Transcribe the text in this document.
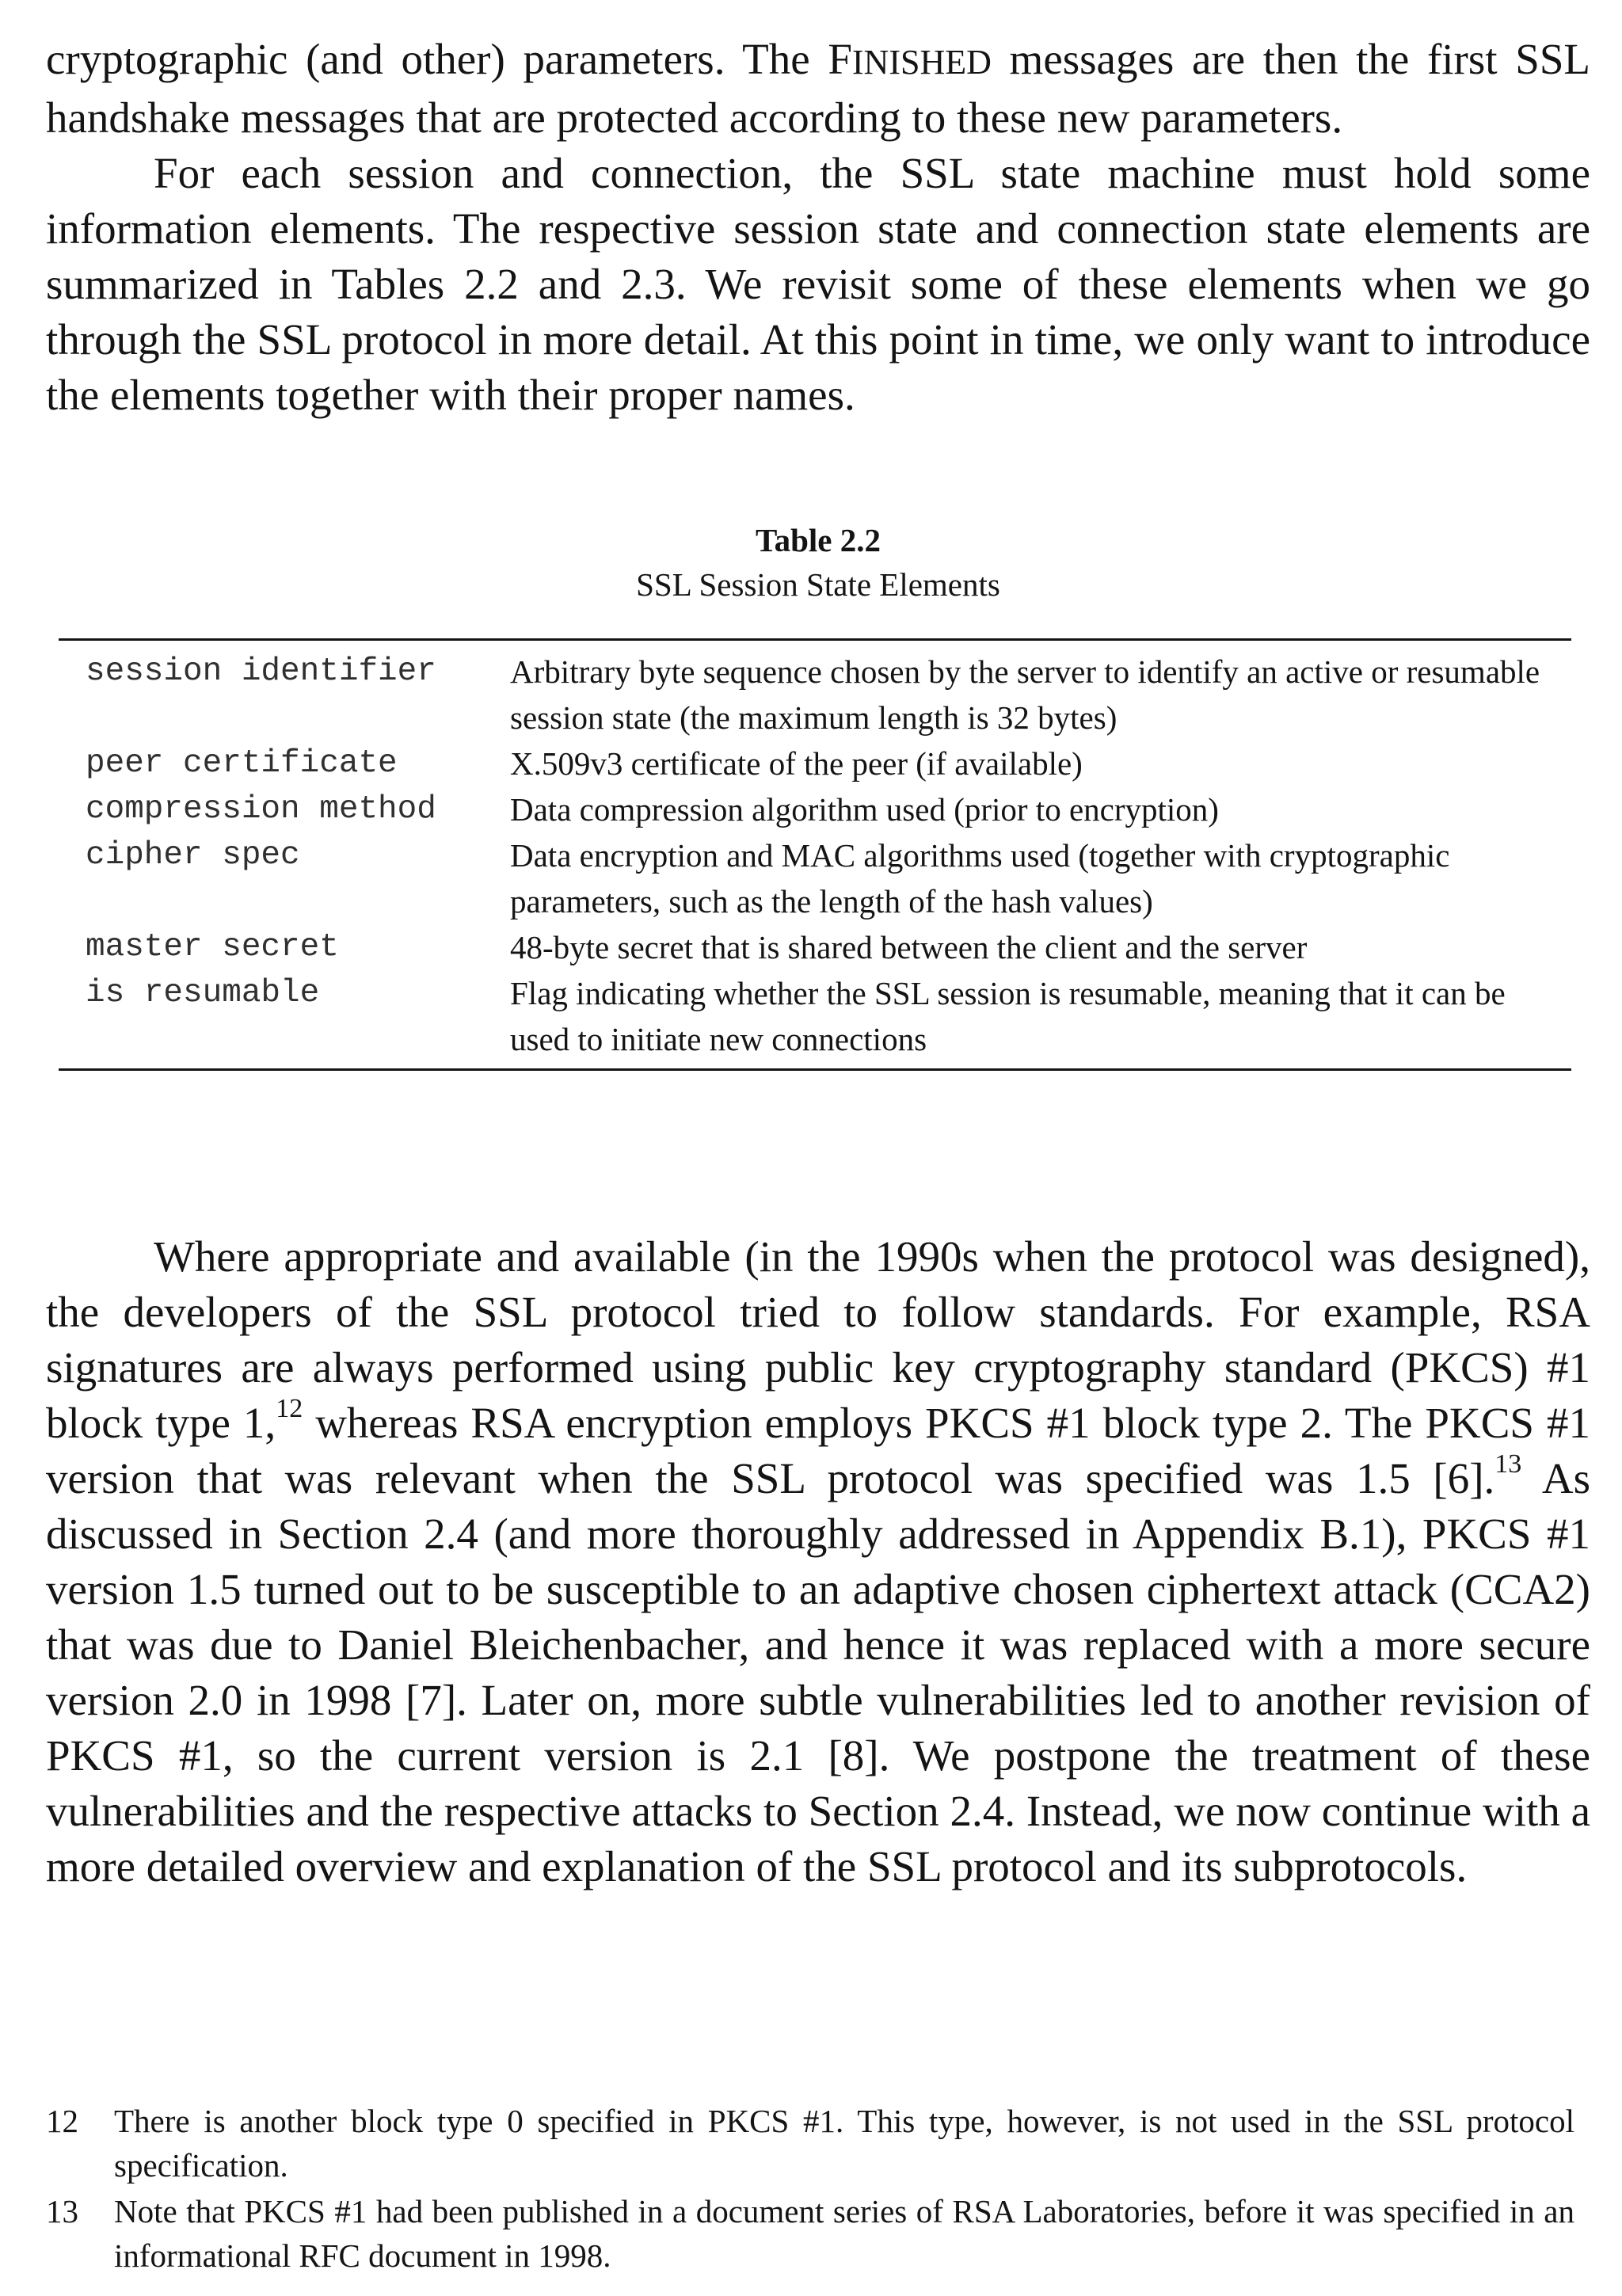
cryptographic (and other) parameters. The FINISHED messages are then the first SSL handshake messages that are protected according to these new parameters.

For each session and connection, the SSL state machine must hold some information elements. The respective session state and connection state elements are summarized in Tables 2.2 and 2.3. We revisit some of these elements when we go through the SSL protocol in more detail. At this point in time, we only want to introduce the elements together with their proper names.

Table 2.2
SSL Session State Elements
session identifier	Arbitrary byte sequence chosen by the server to identify an active or resumable session state (the maximum length is 32 bytes)
peer certificate	X.509v3 certificate of the peer (if available)
compression method	Data compression algorithm used (prior to encryption)
cipher spec	Data encryption and MAC algorithms used (together with cryptographic parameters, such as the length of the hash values)
master secret	48-byte secret that is shared between the client and the server
is resumable	Flag indicating whether the SSL session is resumable, meaning that it can be used to initiate new connections

Where appropriate and available (in the 1990s when the protocol was designed), the developers of the SSL protocol tried to follow standards. For example, RSA signatures are always performed using public key cryptography standard (PKCS) #1 block type 1,12 whereas RSA encryption employs PKCS #1 block type 2. The PKCS #1 version that was relevant when the SSL protocol was specified was 1.5 [6].$^{13}$ As discussed in Section 2.4 (and more thoroughly addressed in Appendix B.1), PKCS #1 version 1.5 turned out to be susceptible to an adaptive chosen ciphertext attack (CCA2) that was due to Daniel Bleichenbacher, and hence it was replaced with a more secure version 2.0 in 1998 [7]. Later on, more subtle vulnerabilities led to another revision of PKCS #1, so the current version is 2.1 [8]. We postpone the treatment of these vulnerabilities and the respective attacks to Section 2.4. Instead, we now continue with a more detailed overview and explanation of the SSL protocol and its subprotocols.

12	There is another block type 0 specified in PKCS #1. This type, however, is not used in the SSL protocol specification.
13	Note that PKCS #1 had been published in a document series of RSA Laboratories, before it was specified in an informational RFC document in 1998.
